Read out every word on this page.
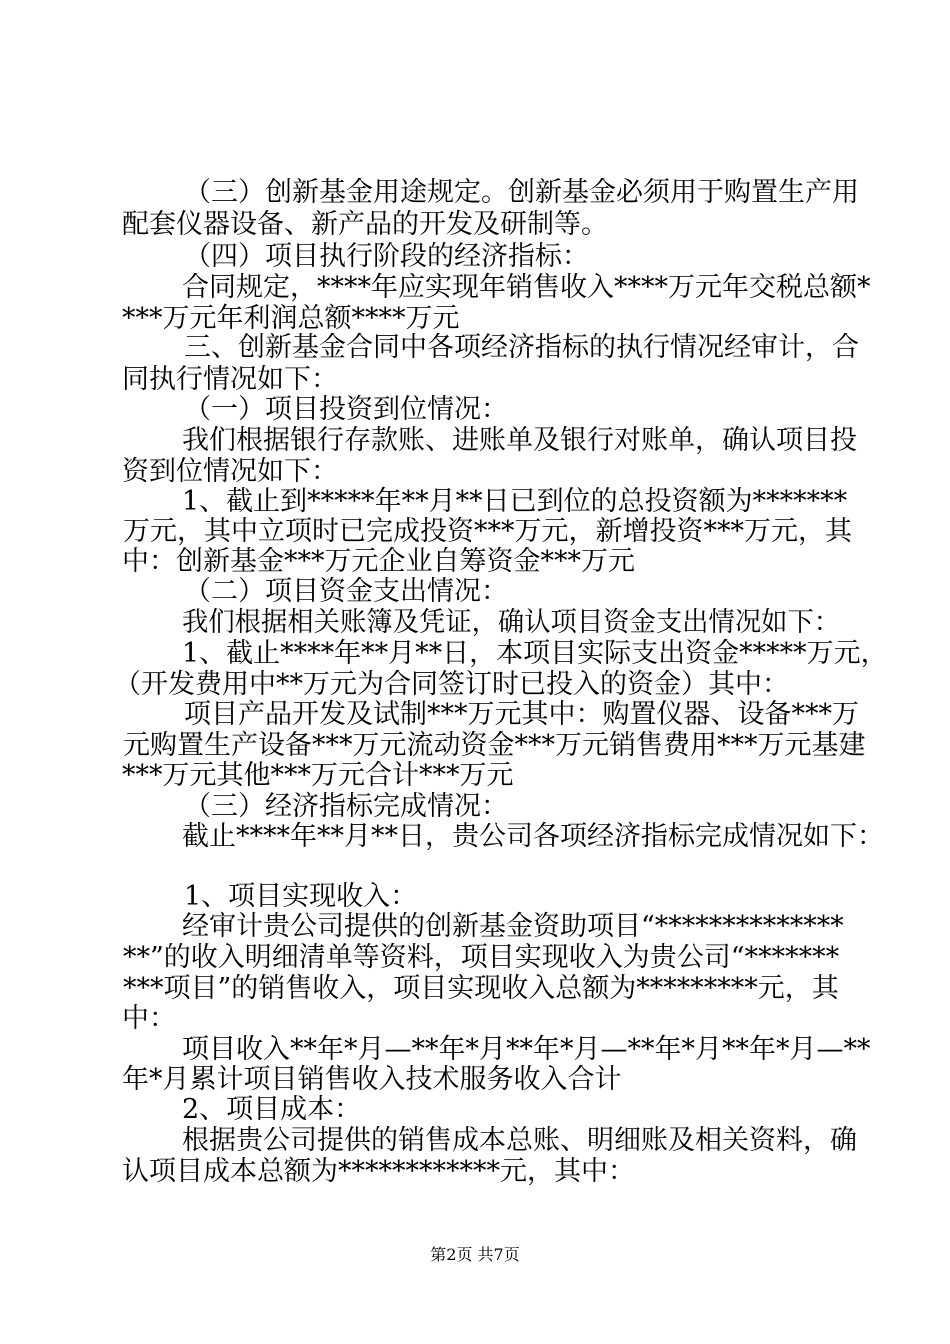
（三）创新基金用途规定。创新基金必须用于购置生产用

配套仪器设备、新产品的开发及研制等。

（四）项目执行阶段的经济指标：

合同规定，****年应实现年销售收入****万元年交税总额*

***万元年利润总额****万元

三、创新基金合同中各项经济指标的执行情况经审计，合

同执行情况如下：

（一）项目投资到位情况：

我们根据银行存款账、进账单及银行对账单，确认项目投

资到位情况如下：

1、截止到*****年**月**日已到位的总投资额为*******

万元，其中立项时已完成投资***万元，新增投资***万元，其

中：创新基金***万元企业自筹资金***万元

（二）项目资金支出情况：

我们根据相关账簿及凭证，确认项目资金支出情况如下：

1、截止****年**月**日，本项目实际支出资金*****万元，

（开发费用中**万元为合同签订时已投入的资金）其中：

项目产品开发及试制***万元其中：购置仪器、设备***万

元购置生产设备***万元流动资金***万元销售费用***万元基建

***万元其他***万元合计***万元

（三）经济指标完成情况：

截止****年**月**日，贵公司各项经济指标完成情况如下：

1、项目实现收入：

经审计贵公司提供的创新基金资助项目“**************

**”的收入明细清单等资料，项目实现收入为贵公司“*******

***项目”的销售收入，项目实现收入总额为*********元，其

中：

项目收入**年*月—**年*月**年*月—**年*月**年*月—**

年*月累计项目销售收入技术服务收入合计

2、项目成本：

根据贵公司提供的销售成本总账、明细账及相关资料，确

认项目成本总额为************元，其中：

第2页 共7页
